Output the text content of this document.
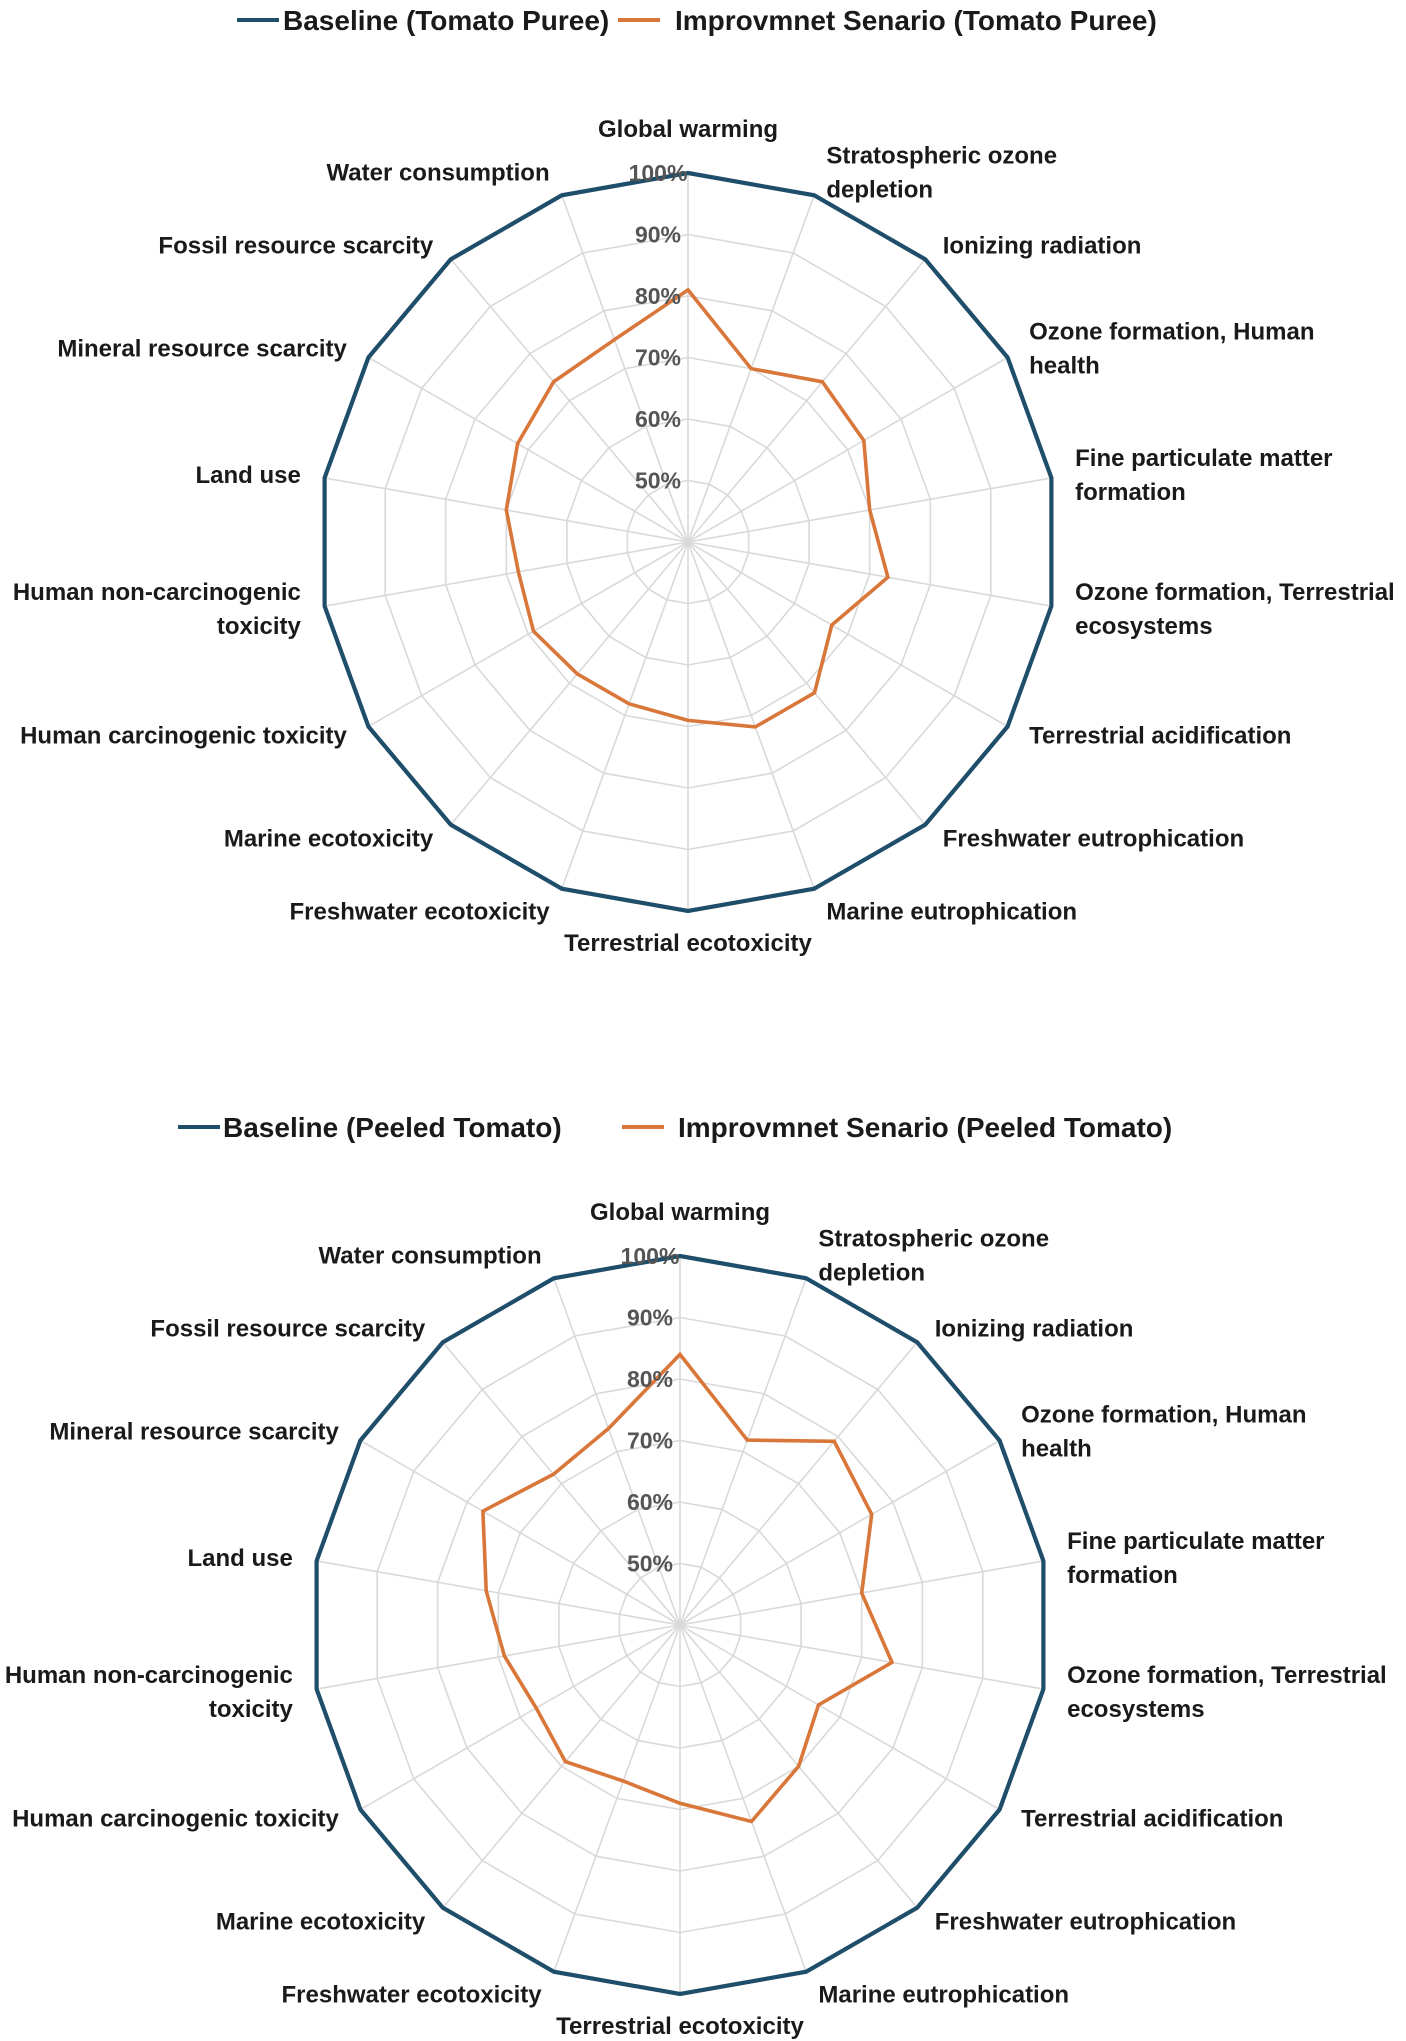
Baseline (Tomato Puree) Improvmnet Senario (Tomato Puree)
50%
60%
70%
80%
90%
100%
Global warming
Stratospheric ozone depletion
Ionizing radiation
Ozone formation, Human health
Fine particulate matter formation
Ozone formation, Terrestrial ecosystems
Terrestrial acidification
Freshwater eutrophication
Marine eutrophication
Terrestrial ecotoxicity
Freshwater ecotoxicity
Marine ecotoxicity
Human carcinogenic toxicity
Human non-carcinogenic toxicity
Land use
Mineral resource scarcity
Fossil resource scarcity
Water consumption
Baseline (Peeled Tomato)	Improvmnet Senario (Peeled Tomato)
50%
60%
70%
80%
90%
100%
Global warming
Stratospheric ozone depletion
Ionizing radiation
Ozone formation, Human health
Fine particulate matter formation
Ozone formation, Terrestrial ecosystems
Terrestrial acidification
Freshwater eutrophication
Marine eutrophication
Terrestrial ecotoxicity
Freshwater ecotoxicity
Marine ecotoxicity
Human carcinogenic toxicity
Human non-carcinogenic toxicity
Land use
Mineral resource scarcity
Fossil resource scarcity
Water consumption
